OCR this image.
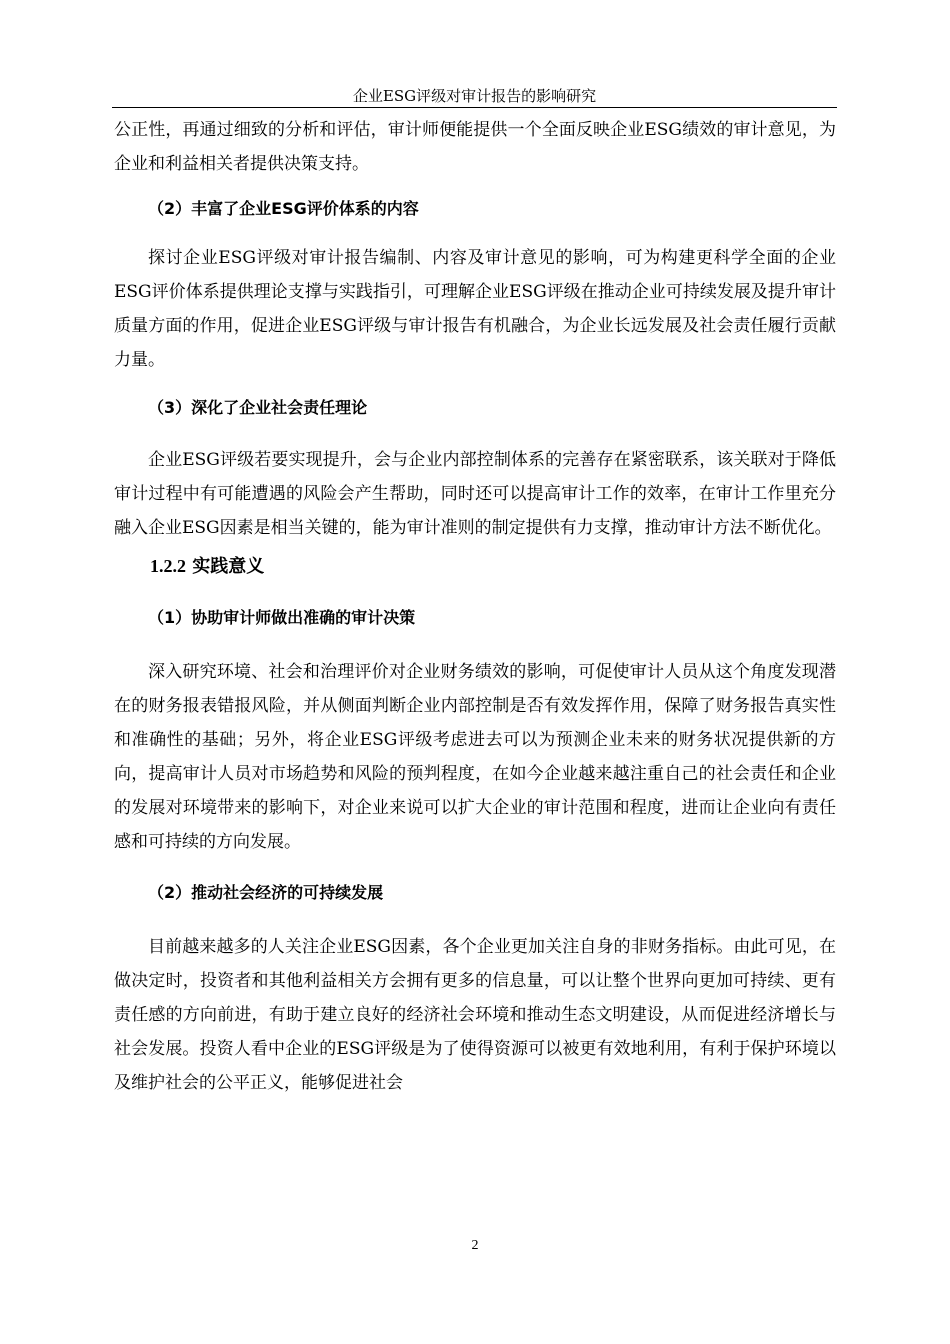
企业ESG评级对审计报告的影响研究

公正性，再通过细致的分析和评估，审计师便能提供一个全面反映企业ESG绩效的审计意见，为企业和利益相关者提供决策支持。

（2）丰富了企业ESG评价体系的内容

探讨企业ESG评级对审计报告编制、内容及审计意见的影响，可为构建更科学全面的企业ESG评价体系提供理论支撑与实践指引，可理解企业ESG评级在推动企业可持续发展及提升审计质量方面的作用，促进企业ESG评级与审计报告有机融合，为企业长远发展及社会责任履行贡献力量。

（3）深化了企业社会责任理论

企业ESG评级若要实现提升，会与企业内部控制体系的完善存在紧密联系，该关联对于降低审计过程中有可能遭遇的风险会产生帮助，同时还可以提高审计工作的效率，在审计工作里充分融入企业ESG因素是相当关键的，能为审计准则的制定提供有力支撑，推动审计方法不断优化。

1.2.2 实践意义

（1）协助审计师做出准确的审计决策

深入研究环境、社会和治理评价对企业财务绩效的影响，可促使审计人员从这个角度发现潜在的财务报表错报风险，并从侧面判断企业内部控制是否有效发挥作用，保障了财务报告真实性和准确性的基础；另外，将企业ESG评级考虑进去可以为预测企业未来的财务状况提供新的方向，提高审计人员对市场趋势和风险的预判程度，在如今企业越来越注重自己的社会责任和企业的发展对环境带来的影响下，对企业来说可以扩大企业的审计范围和程度，进而让企业向有责任感和可持续的方向发展。

（2）推动社会经济的可持续发展

目前越来越多的人关注企业ESG因素，各个企业更加关注自身的非财务指标。由此可见，在做决定时，投资者和其他利益相关方会拥有更多的信息量，可以让整个世界向更加可持续、更有责任感的方向前进，有助于建立良好的经济社会环境和推动生态文明建设，从而促进经济增长与社会发展。投资人看中企业的ESG评级是为了使得资源可以被更有效地利用，有利于保护环境以及维护社会的公平正义，能够促进社会

2
